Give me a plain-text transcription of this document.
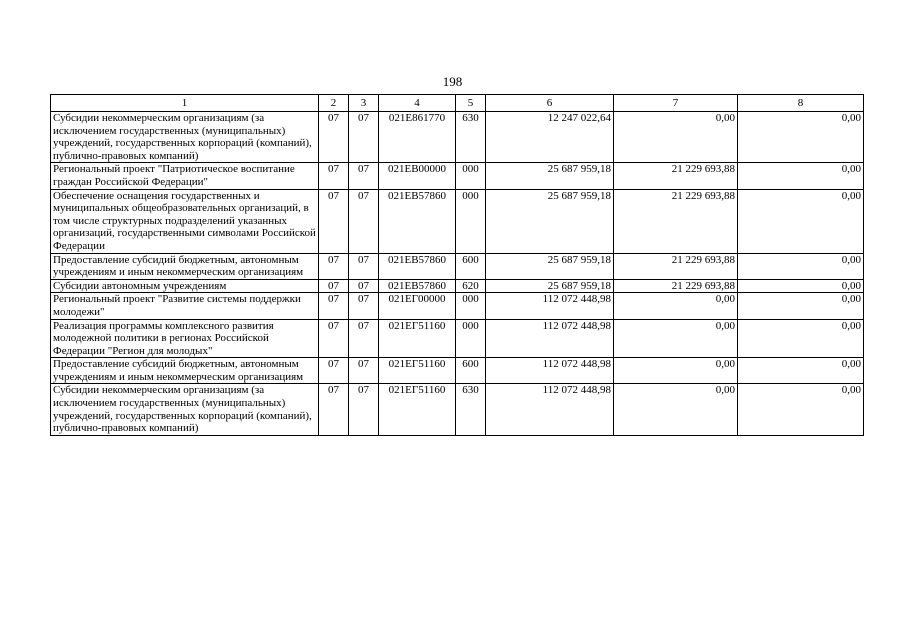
198
1	2	3	4	5	6	7	8
Субсидии некоммерческим организациям (за исключением государственных (муниципальных) учреждений, государственных корпораций (компаний), публично-правовых компаний)	07	07	021E861770	630	12 247 022,64	0,00	0,00
Региональный проект "Патриотическое воспитание граждан Российской Федерации"	07	07	021EB00000	000	25 687 959,18	21 229 693,88	0,00
Обеспечение оснащения государственных и муниципальных общеобразовательных организаций, в том числе структурных подразделений указанных организаций, государственными символами Российской Федерации	07	07	021EB57860	000	25 687 959,18	21 229 693,88	0,00
Предоставление субсидий бюджетным, автономным учреждениям и иным некоммерческим организациям	07	07	021EB57860	600	25 687 959,18	21 229 693,88	0,00
Субсидии автономным учреждениям	07	07	021EB57860	620	25 687 959,18	21 229 693,88	0,00
Региональный проект "Развитие системы поддержки молодежи"	07	07	021EГ00000	000	112 072 448,98	0,00	0,00
Реализация программы комплексного развития молодежной политики в регионах Российской Федерации "Регион для молодых"	07	07	021EГ51160	000	112 072 448,98	0,00	0,00
Предоставление субсидий бюджетным, автономным учреждениям и иным некоммерческим организациям	07	07	021EГ51160	600	112 072 448,98	0,00	0,00
Субсидии некоммерческим организациям (за исключением государственных (муниципальных) учреждений, государственных корпораций (компаний), публично-правовых компаний)	07	07	021EГ51160	630	112 072 448,98	0,00	0,00
